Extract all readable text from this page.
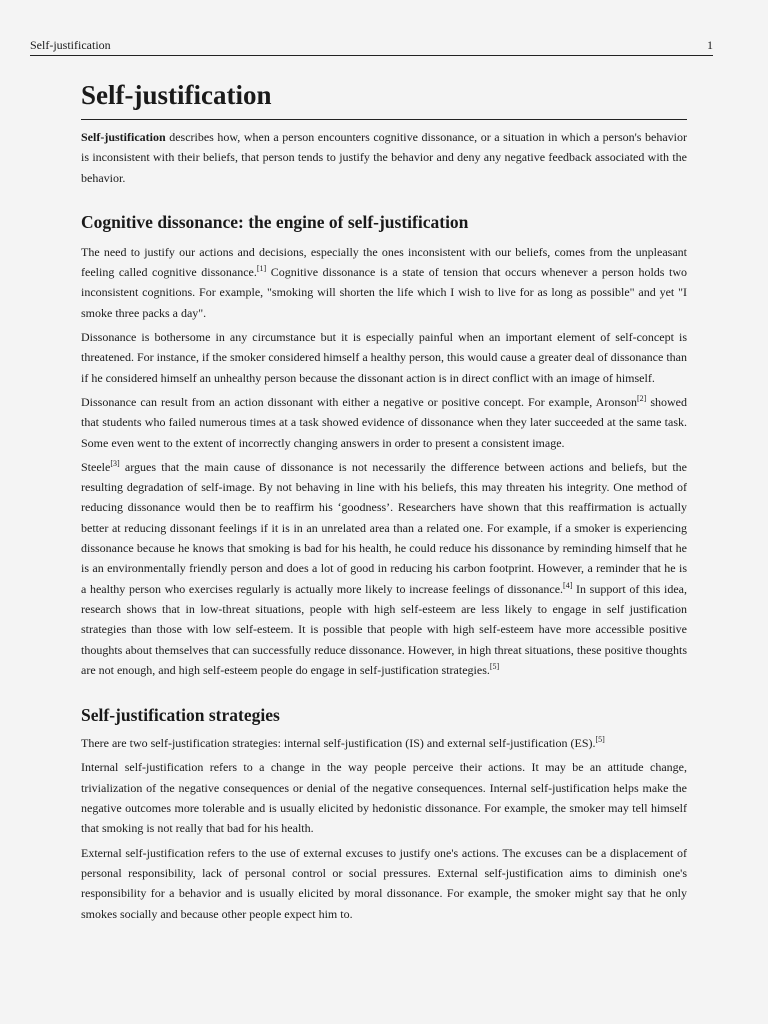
Self-justification	1
Self-justification

Self-justification describes how, when a person encounters cognitive dissonance, or a situation in which a person's behavior is inconsistent with their beliefs, that person tends to justify the behavior and deny any negative feedback associated with the behavior.

Cognitive dissonance: the engine of self-justification

The need to justify our actions and decisions, especially the ones inconsistent with our beliefs, comes from the unpleasant feeling called cognitive dissonance.[1] Cognitive dissonance is a state of tension that occurs whenever a person holds two inconsistent cognitions. For example, "smoking will shorten the life which I wish to live for as long as possible" and yet "I smoke three packs a day".

Dissonance is bothersome in any circumstance but it is especially painful when an important element of self-concept is threatened. For instance, if the smoker considered himself a healthy person, this would cause a greater deal of dissonance than if he considered himself an unhealthy person because the dissonant action is in direct conflict with an image of himself.

Dissonance can result from an action dissonant with either a negative or positive concept. For example, Aronson[2] showed that students who failed numerous times at a task showed evidence of dissonance when they later succeeded at the same task. Some even went to the extent of incorrectly changing answers in order to present a consistent image.

Steele[3] argues that the main cause of dissonance is not necessarily the difference between actions and beliefs, but the resulting degradation of self-image. By not behaving in line with his beliefs, this may threaten his integrity. One method of reducing dissonance would then be to reaffirm his ‘goodness’. Researchers have shown that this reaffirmation is actually better at reducing dissonant feelings if it is in an unrelated area than a related one. For example, if a smoker is experiencing dissonance because he knows that smoking is bad for his health, he could reduce his dissonance by reminding himself that he is an environmentally friendly person and does a lot of good in reducing his carbon footprint. However, a reminder that he is a healthy person who exercises regularly is actually more likely to increase feelings of dissonance.[4] In support of this idea, research shows that in low-threat situations, people with high self-esteem are less likely to engage in self justification strategies than those with low self-esteem. It is possible that people with high self-esteem have more accessible positive thoughts about themselves that can successfully reduce dissonance. However, in high threat situations, these positive thoughts are not enough, and high self-esteem people do engage in self-justification strategies.[5]

Self-justification strategies

There are two self-justification strategies: internal self-justification (IS) and external self-justification (ES).[5]

Internal self-justification refers to a change in the way people perceive their actions. It may be an attitude change, trivialization of the negative consequences or denial of the negative consequences. Internal self-justification helps make the negative outcomes more tolerable and is usually elicited by hedonistic dissonance. For example, the smoker may tell himself that smoking is not really that bad for his health.

External self-justification refers to the use of external excuses to justify one's actions. The excuses can be a displacement of personal responsibility, lack of personal control or social pressures. External self-justification aims to diminish one's responsibility for a behavior and is usually elicited by moral dissonance. For example, the smoker might say that he only smokes socially and because other people expect him to.
